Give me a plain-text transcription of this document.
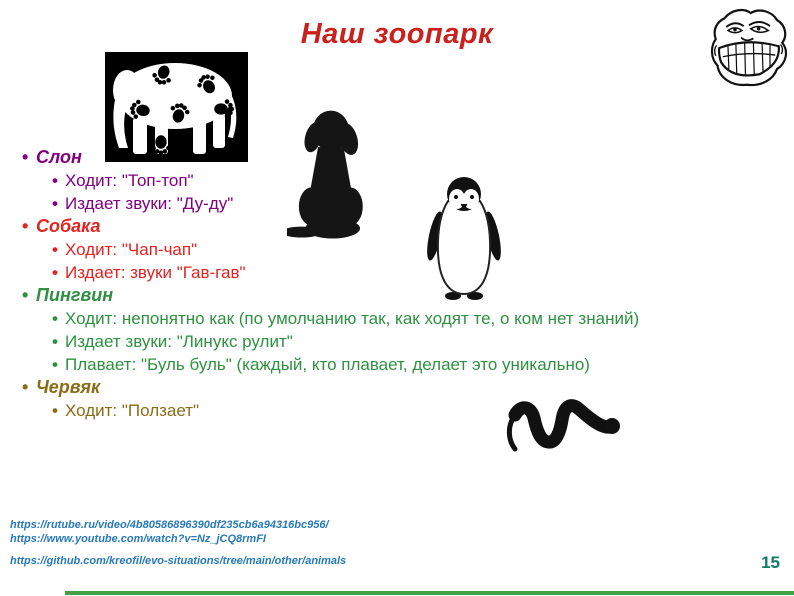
Наш зоопарк
• Слон
• Ходит: "Топ-топ"
• Издает звуки: "Ду-ду"
• Собака
• Ходит: "Чап-чап"
• Издает: звуки "Гав-гав"
• Пингвин
• Ходит: непонятно как (по умолчанию так, как ходят те, о ком нет знаний)
• Издает звуки: "Линукс рулит"
• Плавает: "Буль буль" (каждый, кто плавает, делает это уникально)
• Червяк
• Ходит: "Ползает"
https://rutube.ru/video/4b80586896390df235cb6a94316bc956/
https://www.youtube.com/watch?v=Nz_jCQ8rmFI
https://github.com/kreofil/evo-situations/tree/main/other/animals	15
